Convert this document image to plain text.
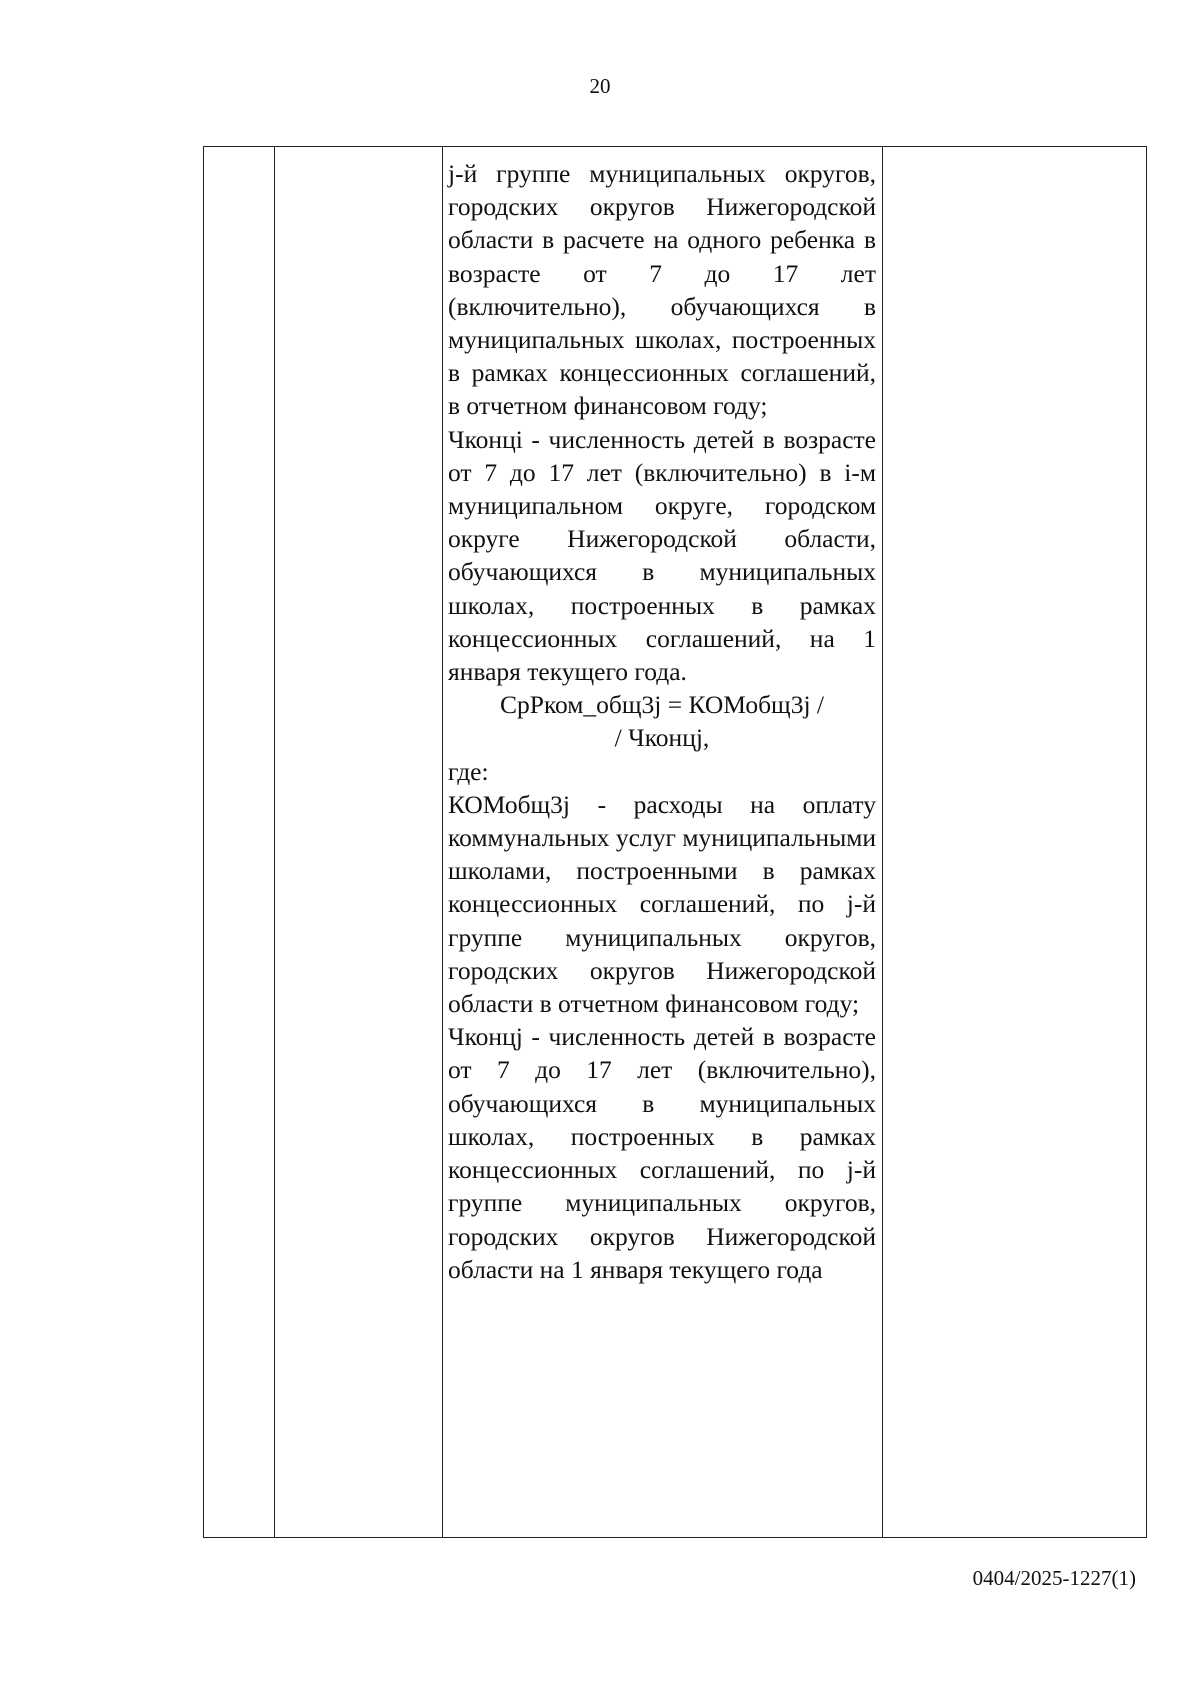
20

j-й группе муниципальных округов, городских округов Нижегородской области в расчете на одного ребенка в возрасте от 7 до 17 лет (включительно), обучающихся в муниципальных школах, построенных в рамках концессионных соглашений, в отчетном финансовом году;

Чконцi - численность детей в возрасте от 7 до 17 лет (включительно) в i-м муниципальном округе, городском округе Нижегородской области, обучающихся в муниципальных школах, построенных в рамках концессионных соглашений, на 1 января текущего года.

СрРком_общ3j = КОМобщ3j /

/ Чконцj,

где:

КОМобщ3j - расходы на оплату коммунальных услуг муниципальными школами, построенными в рамках концессионных соглашений, по j-й группе муниципальных округов, городских округов Нижегородской области в отчетном финансовом году;

Чконцj - численность детей в возрасте от 7 до 17 лет (включительно), обучающихся в муниципальных школах, построенных в рамках концессионных соглашений, по j-й группе муниципальных округов, городских округов Нижегородской области на 1 января текущего года

0404/2025-1227(1)
